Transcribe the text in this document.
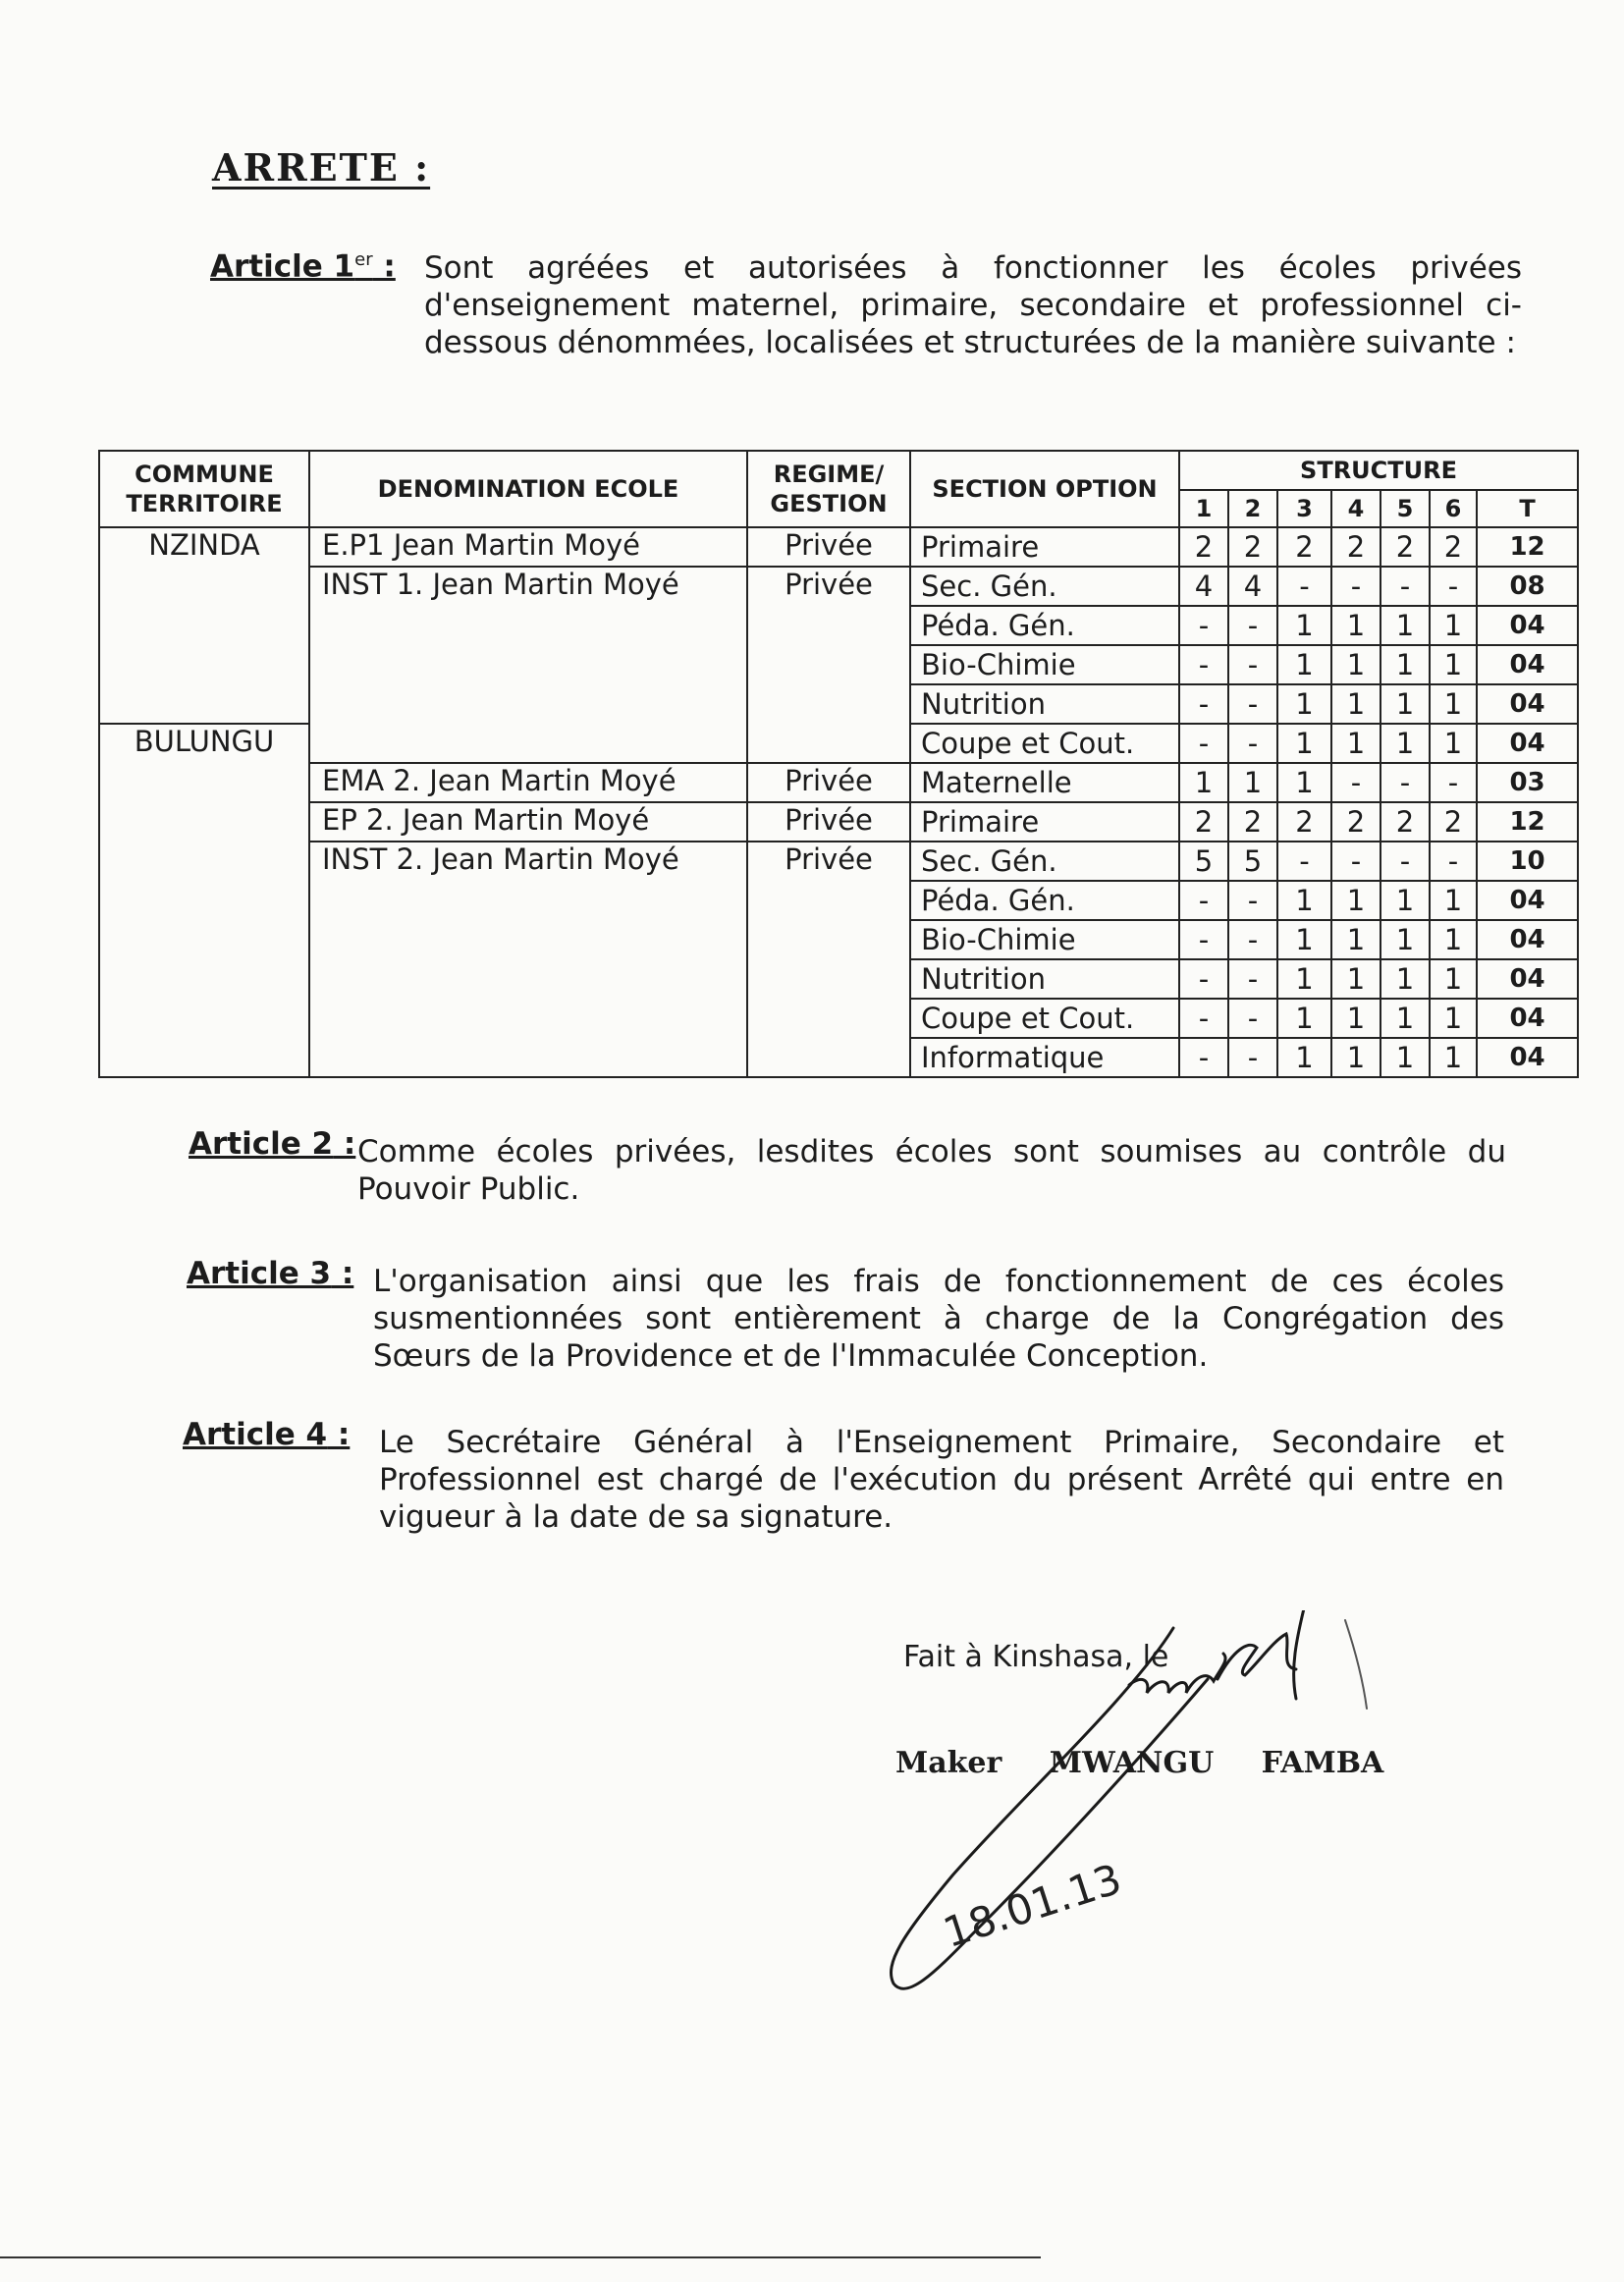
ARRETE :
Article 1er : Sont agréées et autorisées à fonctionner les écoles privées d'enseignement maternel, primaire, secondaire et professionnel ci-dessous dénommées, localisées et structurées de la manière suivante :
COMMUNE TERRITOIRE	DENOMINATION ECOLE	REGIME/ GESTION	SECTION OPTION	STRUCTURE						
				1	2	3	4	5	6	T
NZINDA	E.P1 Jean Martin Moyé	Privée	Primaire	2	2	2	2	2	2	12
	INST 1. Jean Martin Moyé	Privée	Sec. Gén.	4	4	-	-	-	-	08
			Péda. Gén.	-	-	1	1	1	1	04
			Bio-Chimie	-	-	1	1	1	1	04
			Nutrition	-	-	1	1	1	1	04
BULUNGU			Coupe et Cout.	-	-	1	1	1	1	04
	EMA 2. Jean Martin Moyé	Privée	Maternelle	1	1	1	-	-	-	03
	EP 2. Jean Martin Moyé	Privée	Primaire	2	2	2	2	2	2	12
	INST 2. Jean Martin Moyé	Privée	Sec. Gén.	5	5	-	-	-	-	10
			Péda. Gén.	-	-	1	1	1	1	04
			Bio-Chimie	-	-	1	1	1	1	04
			Nutrition	-	-	1	1	1	1	04
			Coupe et Cout.	-	-	1	1	1	1	04
			Informatique	-	-	1	1	1	1	04
Article 2 : Comme écoles privées, lesdites écoles sont soumises au contrôle du Pouvoir Public.
Article 3 : L'organisation ainsi que les frais de fonctionnement de ces écoles susmentionnées sont entièrement à charge de la Congrégation des Sœurs de la Providence et de l'Immaculée Conception.
Article 4 : Le Secrétaire Général à l'Enseignement Primaire, Secondaire et Professionnel est chargé de l'exécution du présent Arrêté qui entre en vigueur à la date de sa signature.
Fait à Kinshasa, le
Maker MWANGU FAMBA
18.01.13
